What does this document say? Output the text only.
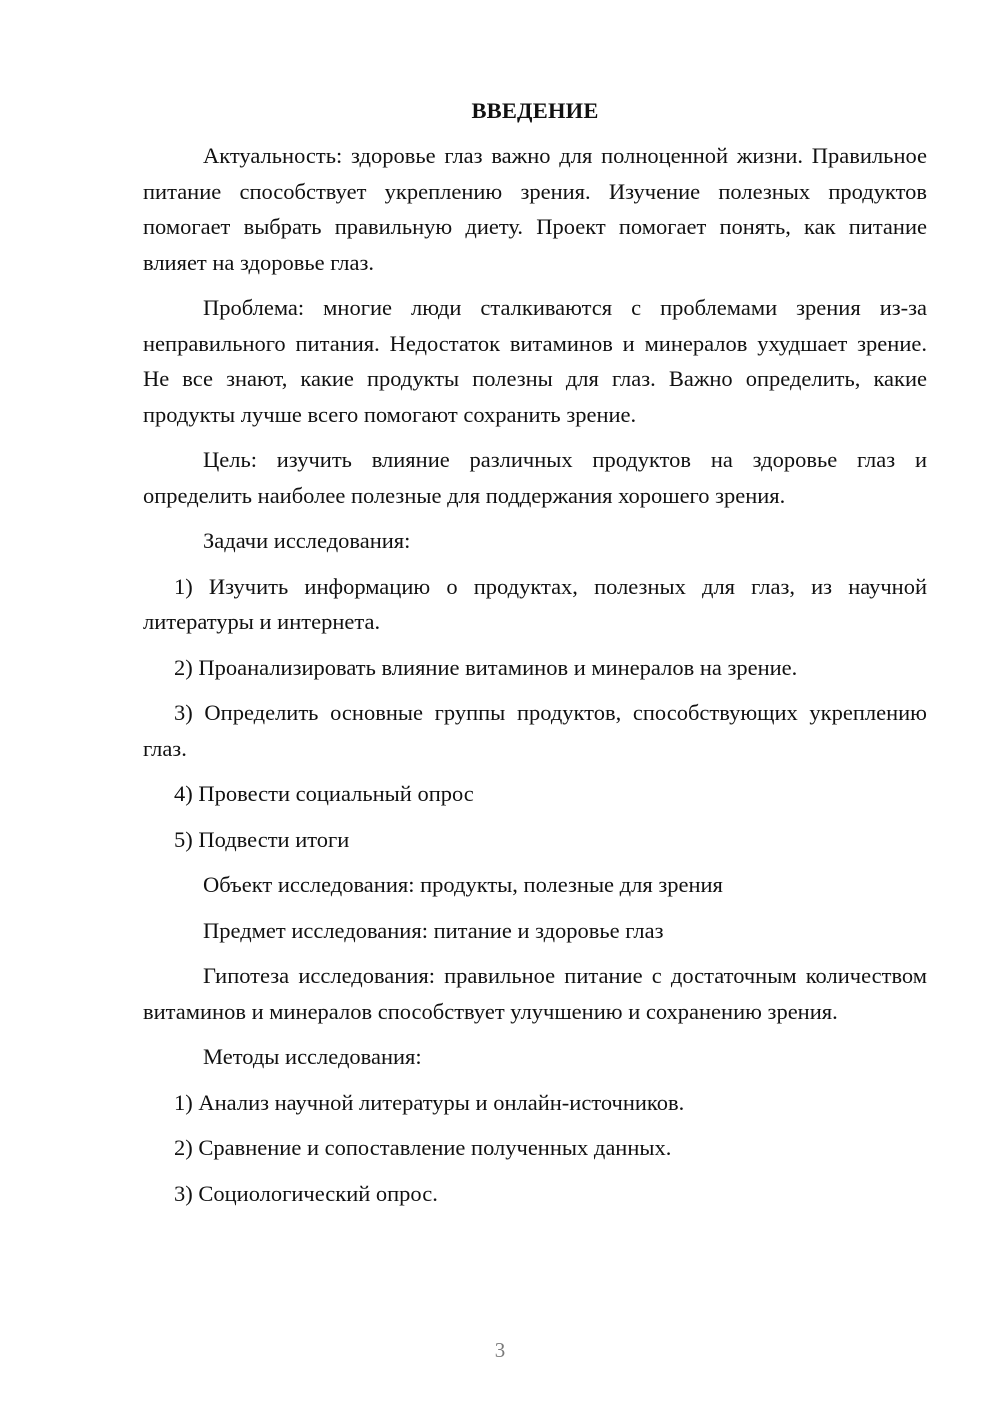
ВВЕДЕНИЕ

Актуальность: здоровье глаз важно для полноценной жизни. Правильное питание способствует укреплению зрения. Изучение полезных продуктов помогает выбрать правильную диету. Проект помогает понять, как питание влияет на здоровье глаз.

Проблема: многие люди сталкиваются с проблемами зрения из-за неправильного питания. Недостаток витаминов и минералов ухудшает зрение. Не все знают, какие продукты полезны для глаз. Важно определить, какие продукты лучше всего помогают сохранить зрение.

Цель: изучить влияние различных продуктов на здоровье глаз и определить наиболее полезные для поддержания хорошего зрения.

Задачи исследования:

1) Изучить информацию о продуктах, полезных для глаз, из научной литературы и интернета.

2) Проанализировать влияние витаминов и минералов на зрение.

3) Определить основные группы продуктов, способствующих укреплению глаз.

4) Провести социальный опрос

5) Подвести итоги

Объект исследования: продукты, полезные для зрения

Предмет исследования: питание и здоровье глаз

Гипотеза исследования: правильное питание с достаточным количеством витаминов и минералов способствует улучшению и сохранению зрения.

Методы исследования:

1) Анализ научной литературы и онлайн-источников.

2) Сравнение и сопоставление полученных данных.

3) Социологический опрос.

3
